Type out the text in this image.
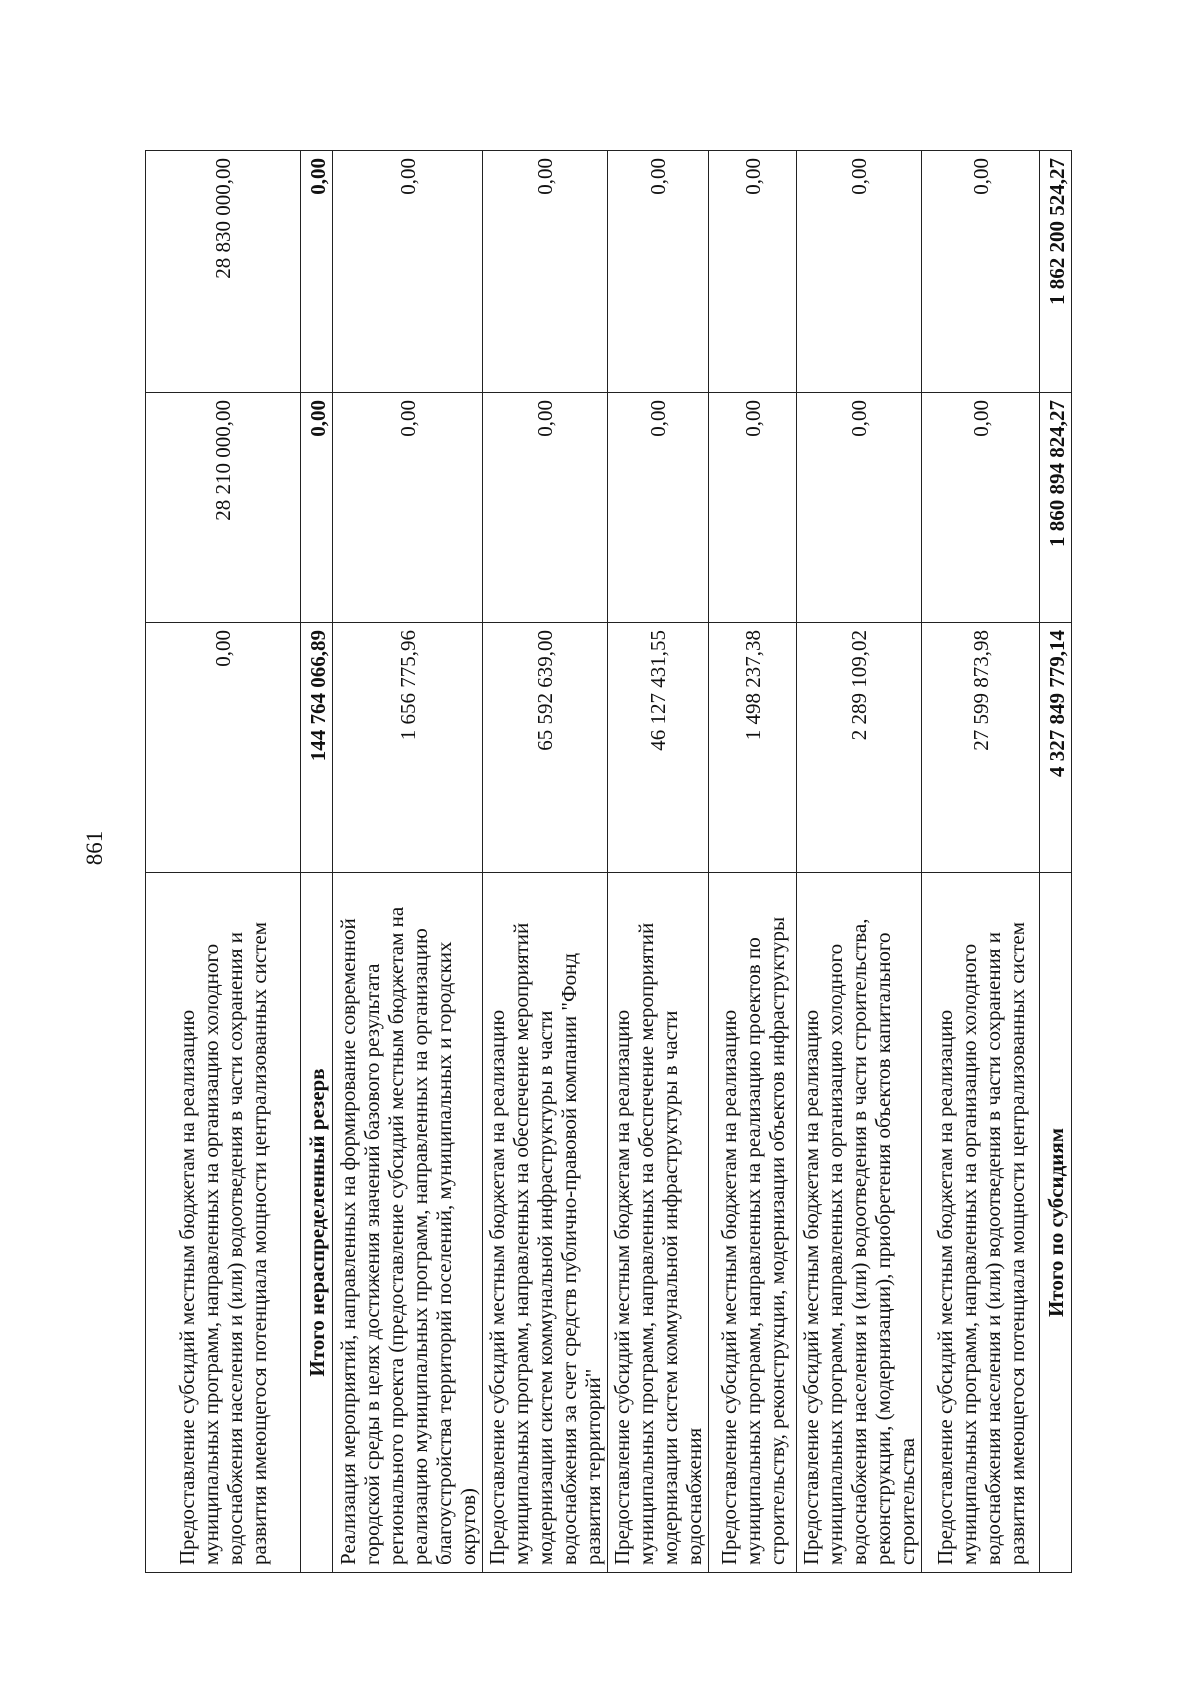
861
Предоставление субсидий местным бюджетам на реализацию муниципальных программ, направленных на организацию холодного водоснабжения населения и (или) водоотведения в части сохранения и развития имеющегося потенциала мощности централизованных систем	0,00	28 210 000,00	28 830 000,00
Итого нераспределенный резерв	144 764 066,89	0,00	0,00
Реализация мероприятий, направленных на формирование современной городской среды в целях достижения значений базового результата регионального проекта (предоставление субсидий местным бюджетам на реализацию муниципальных программ, направленных на организацию благоустройства территорий поселений, муниципальных и городских округов)	1 656 775,96	0,00	0,00
Предоставление субсидий местным бюджетам на реализацию муниципальных программ, направленных на обеспечение мероприятий модернизации систем коммунальной инфраструктуры в части водоснабжения за счет средств публично-правовой компании "Фонд развития территорий"	65 592 639,00	0,00	0,00
Предоставление субсидий местным бюджетам на реализацию муниципальных программ, направленных на обеспечение мероприятий модернизации систем коммунальной инфраструктуры в части водоснабжения	46 127 431,55	0,00	0,00
Предоставление субсидий местным бюджетам на реализацию муниципальных программ, направленных на реализацию проектов по строительству, реконструкции, модернизации объектов инфраструктуры	1 498 237,38	0,00	0,00
Предоставление субсидий местным бюджетам на реализацию муниципальных программ, направленных на организацию холодного водоснабжения населения и (или) водоотведения в части строительства, реконструкции, (модернизации), приобретения объектов капитального строительства	2 289 109,02	0,00	0,00
Предоставление субсидий местным бюджетам на реализацию муниципальных программ, направленных на организацию холодного водоснабжения населения и (или) водоотведения в части сохранения и развития имеющегося потенциала мощности централизованных систем	27 599 873,98	0,00	0,00
Итого по субсидиям	4 327 849 779,14	1 860 894 824,27	1 862 200 524,27
